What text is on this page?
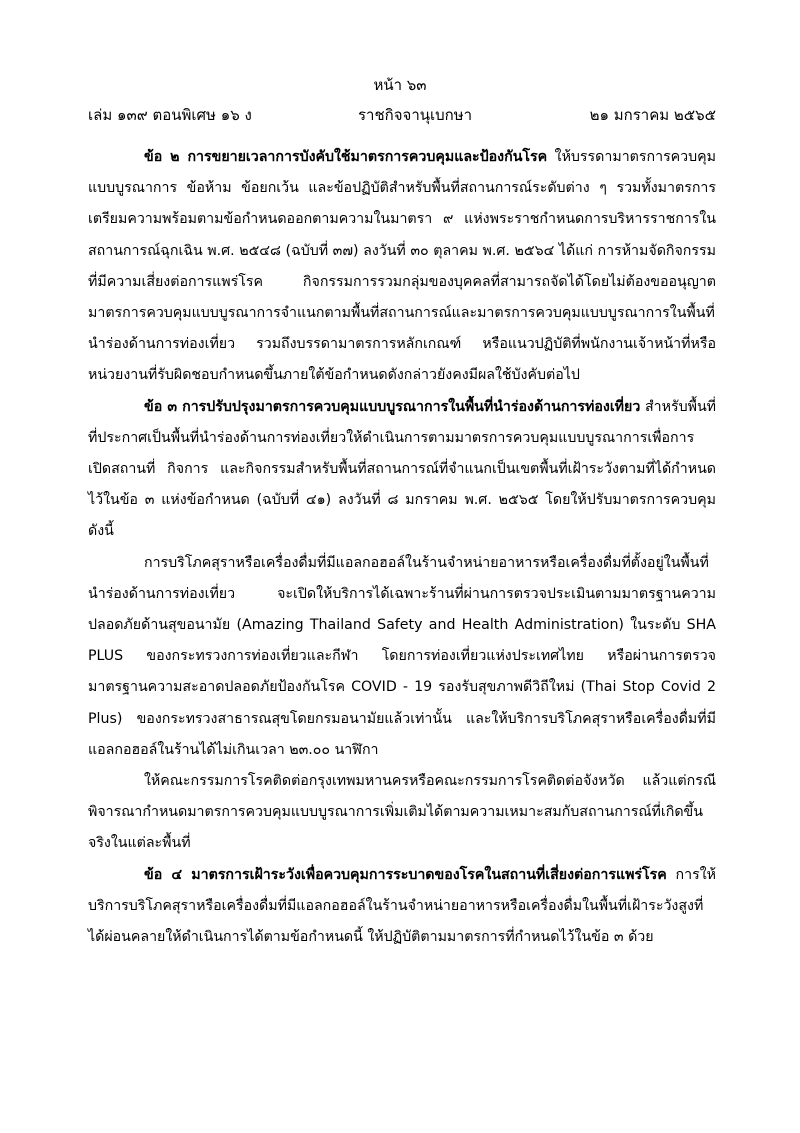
หน้า ๖๓
เล่ม ๑๓๙ ตอนพิเศษ ๑๖ ง	ราชกิจจานุเบกษา	๒๑ มกราคม ๒๕๖๕

ข้อ ๒ การขยายเวลาการบังคับใช้มาตรการควบคุมและป้องกันโรค ให้บรรดามาตรการควบคุมแบบบูรณาการ ข้อห้าม ข้อยกเว้น และข้อปฏิบัติสำหรับพื้นที่สถานการณ์ระดับต่าง ๆ รวมทั้งมาตรการเตรียมความพร้อมตามข้อกำหนดออกตามความในมาตรา ๙ แห่งพระราชกำหนดการบริหารราชการในสถานการณ์ฉุกเฉิน พ.ศ. ๒๕๔๘ (ฉบับที่ ๓๗) ลงวันที่ ๓๐ ตุลาคม พ.ศ. ๒๕๖๔ ได้แก่ การห้ามจัดกิจกรรมที่มีความเสี่ยงต่อการแพร่โรค กิจกรรมการรวมกลุ่มของบุคคลที่สามารถจัดได้โดยไม่ต้องขออนุญาต มาตรการควบคุมแบบบูรณาการจำแนกตามพื้นที่สถานการณ์และมาตรการควบคุมแบบบูรณาการในพื้นที่นำร่องด้านการท่องเที่ยว รวมถึงบรรดามาตรการหลักเกณฑ์ หรือแนวปฏิบัติที่พนักงานเจ้าหน้าที่หรือหน่วยงานที่รับผิดชอบกำหนดขึ้นภายใต้ข้อกำหนดดังกล่าวยังคงมีผลใช้บังคับต่อไป

ข้อ ๓ การปรับปรุงมาตรการควบคุมแบบบูรณาการในพื้นที่นำร่องด้านการท่องเที่ยว สำหรับพื้นที่ที่ประกาศเป็นพื้นที่นำร่องด้านการท่องเที่ยวให้ดำเนินการตามมาตรการควบคุมแบบบูรณาการเพื่อการเปิดสถานที่ กิจการ และกิจกรรมสำหรับพื้นที่สถานการณ์ที่จำแนกเป็นเขตพื้นที่เฝ้าระวังตามที่ได้กำหนดไว้ในข้อ ๓ แห่งข้อกำหนด (ฉบับที่ ๔๑) ลงวันที่ ๘ มกราคม พ.ศ. ๒๕๖๕ โดยให้ปรับมาตรการควบคุม ดังนี้

การบริโภคสุราหรือเครื่องดื่มที่มีแอลกอฮอล์ในร้านจำหน่ายอาหารหรือเครื่องดื่มที่ตั้งอยู่ในพื้นที่นำร่องด้านการท่องเที่ยว จะเปิดให้บริการได้เฉพาะร้านที่ผ่านการตรวจประเมินตามมาตรฐานความปลอดภัยด้านสุขอนามัย (Amazing Thailand Safety and Health Administration) ในระดับ SHA PLUS ของกระทรวงการท่องเที่ยวและกีฬา โดยการท่องเที่ยวแห่งประเทศไทย หรือผ่านการตรวจมาตรฐานความสะอาดปลอดภัยป้องกันโรค COVID - 19 รองรับสุขภาพดีวิถีใหม่ (Thai Stop Covid 2 Plus) ของกระทรวงสาธารณสุขโดยกรมอนามัยแล้วเท่านั้น และให้บริการบริโภคสุราหรือเครื่องดื่มที่มีแอลกอฮอล์ในร้านได้ไม่เกินเวลา ๒๓.๐๐ นาฬิกา

ให้คณะกรรมการโรคติดต่อกรุงเทพมหานครหรือคณะกรรมการโรคติดต่อจังหวัด แล้วแต่กรณีพิจารณากำหนดมาตรการควบคุมแบบบูรณาการเพิ่มเติมได้ตามความเหมาะสมกับสถานการณ์ที่เกิดขึ้นจริงในแต่ละพื้นที่

ข้อ ๔ มาตรการเฝ้าระวังเพื่อควบคุมการระบาดของโรคในสถานที่เสี่ยงต่อการแพร่โรค การให้บริการบริโภคสุราหรือเครื่องดื่มที่มีแอลกอฮอล์ในร้านจำหน่ายอาหารหรือเครื่องดื่มในพื้นที่เฝ้าระวังสูงที่ได้ผ่อนคลายให้ดำเนินการได้ตามข้อกำหนดนี้ ให้ปฏิบัติตามมาตรการที่กำหนดไว้ในข้อ ๓ ด้วย
